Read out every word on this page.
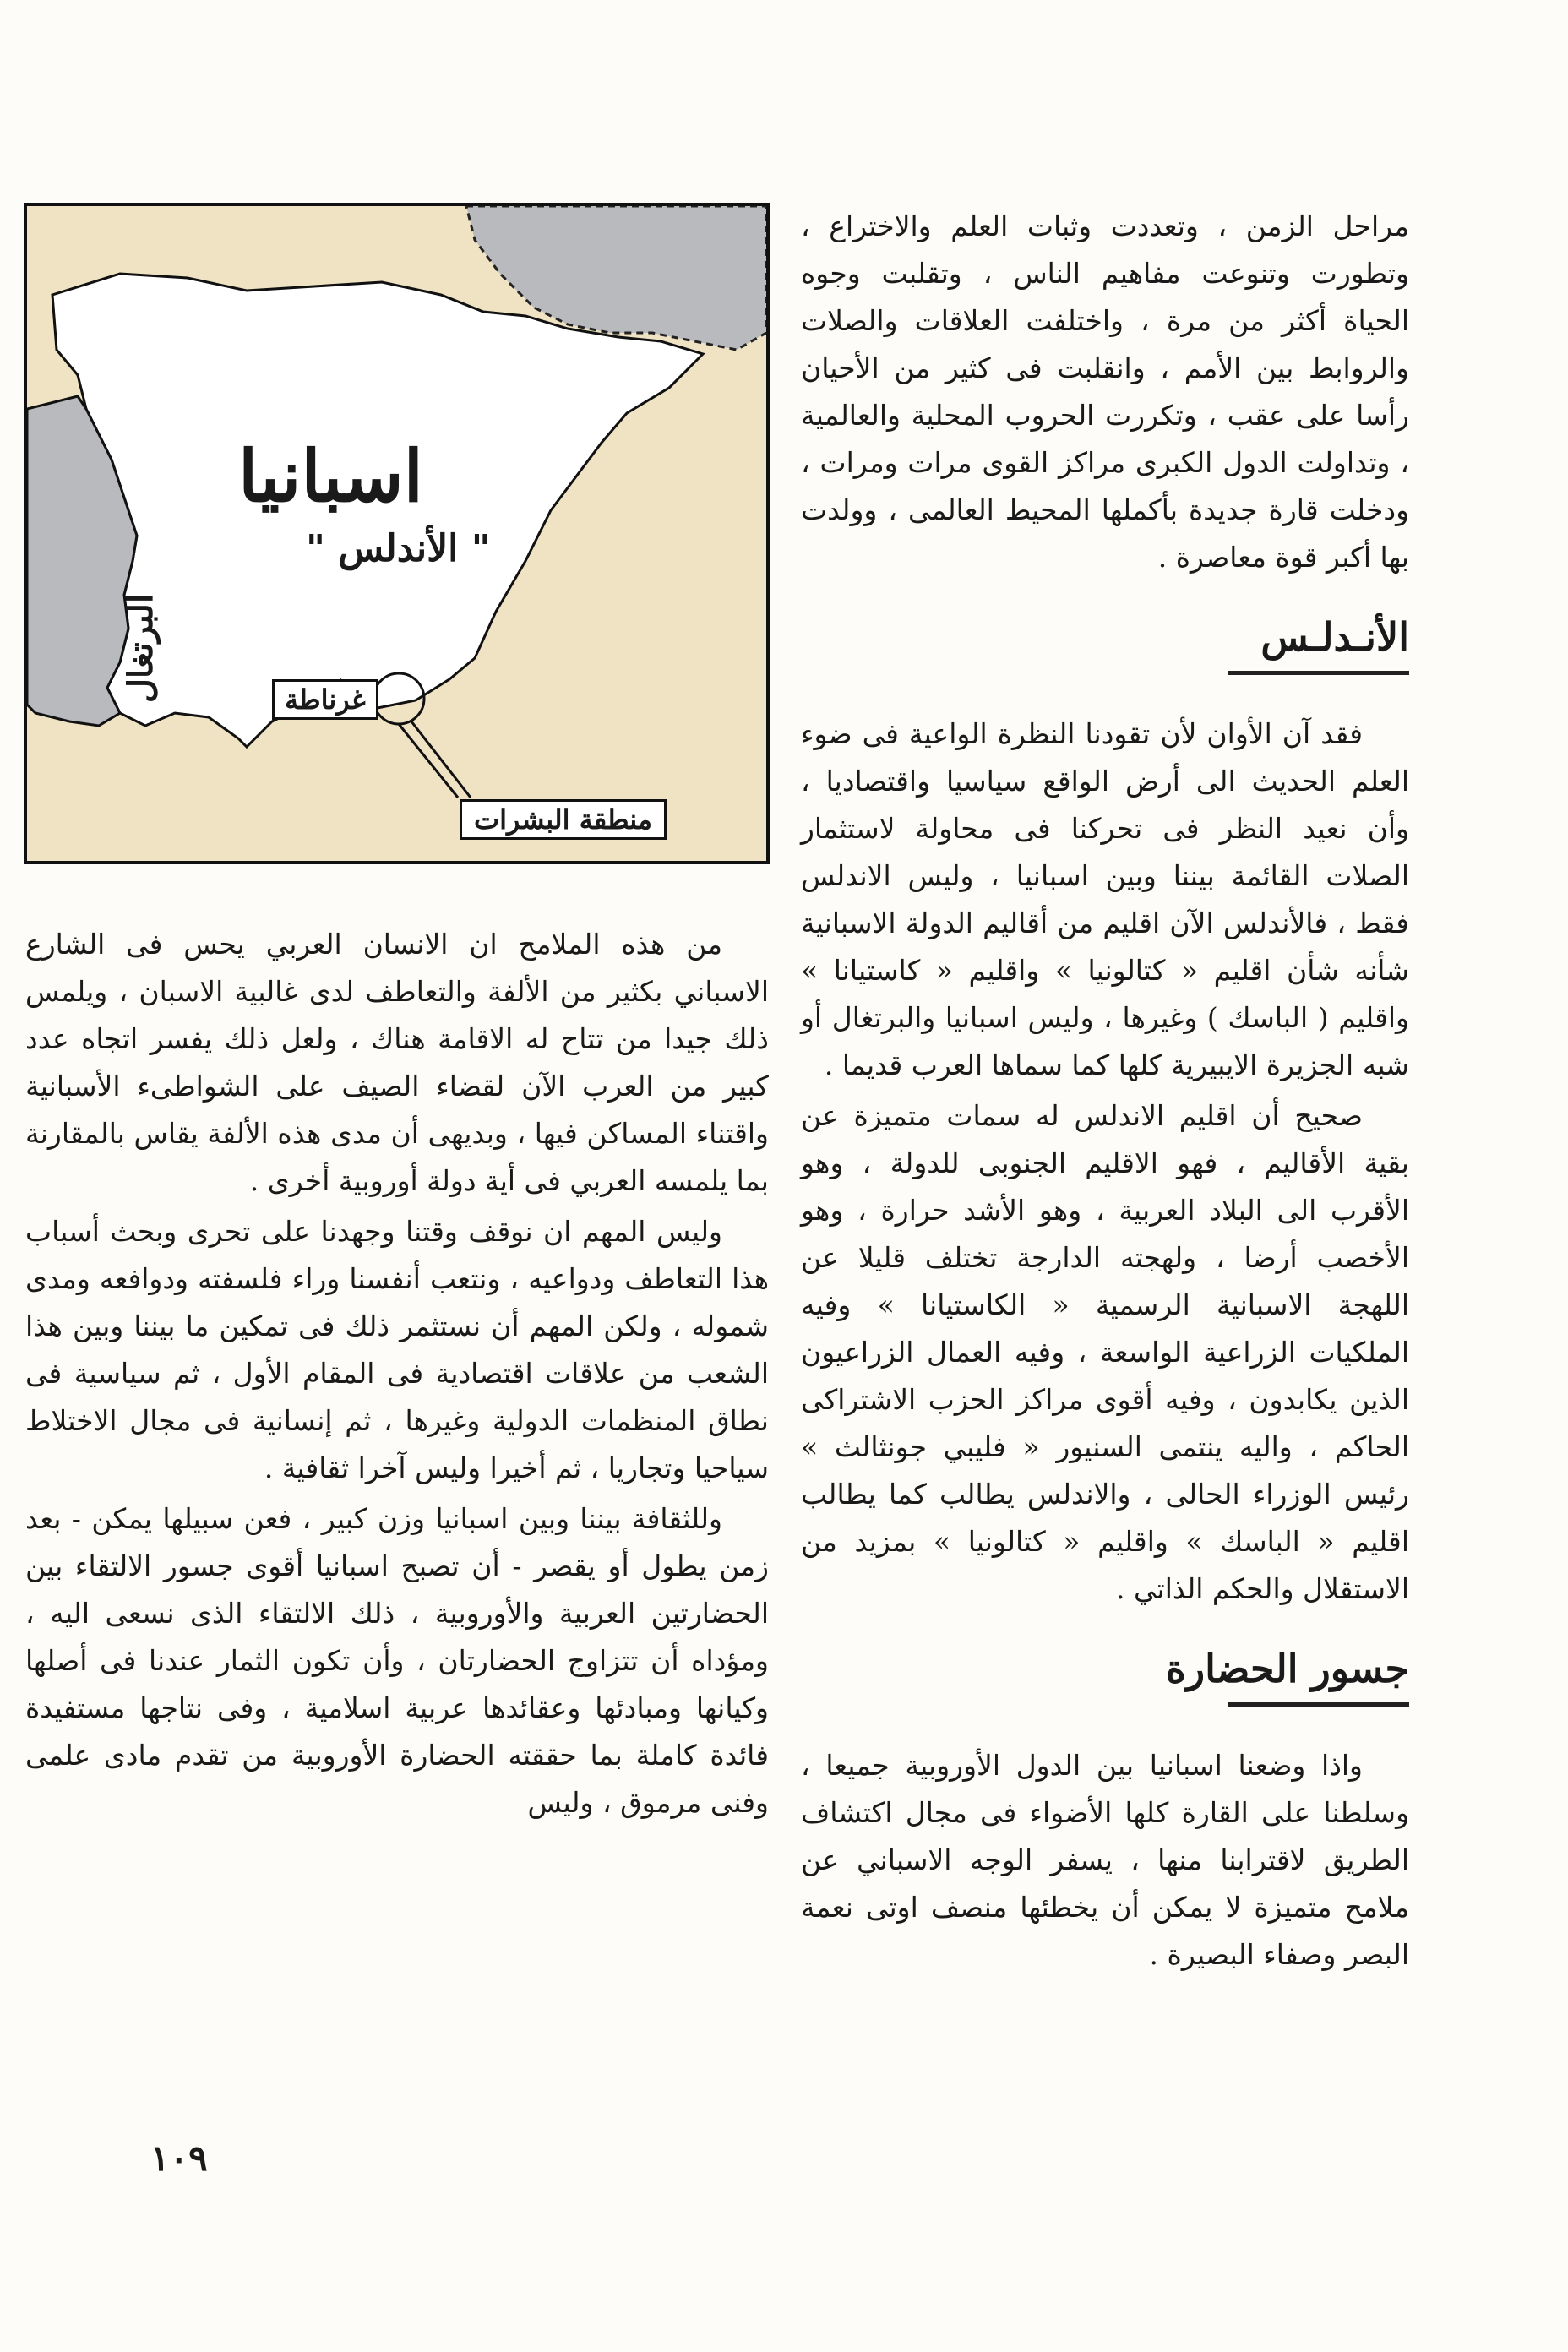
اسبانيا
" الأندلس "
البرتغال	غرناطة
منطقة البشرات

مراحل الزمن ، وتعددت وثبات العلم والاختراع ، وتطورت وتنوعت مفاهيم الناس ، وتقلبت وجوه الحياة أكثر من مرة ، واختلفت العلاقات والصلات والروابط بين الأمم ، وانقلبت فى كثير من الأحيان رأسا على عقب ، وتكررت الحروب المحلية والعالمية ، وتداولت الدول الكبرى مراكز القوى مرات ومرات ، ودخلت قارة جديدة بأكملها المحيط العالمى ، وولدت بها أكبر قوة معاصرة .

الأنـدلـس

فقد آن الأوان لأن تقودنا النظرة الواعية فى ضوء العلم الحديث الى أرض الواقع سياسيا واقتصاديا ، وأن نعيد النظر فى تحركنا فى محاولة لاستثمار الصلات القائمة بيننا وبين اسبانيا ، وليس الاندلس فقط ، فالأندلس الآن اقليم من أقاليم الدولة الاسبانية شأنه شأن اقليم « كتالونيا » واقليم « كاستيانا » واقليم ( الباسك ) وغيرها ، وليس اسبانيا والبرتغال أو شبه الجزيرة الايبيرية كلها كما سماها العرب قديما .

صحيح أن اقليم الاندلس له سمات متميزة عن بقية الأقاليم ، فهو الاقليم الجنوبى للدولة ، وهو الأقرب الى البلاد العربية ، وهو الأشد حرارة ، وهو الأخصب أرضا ، ولهجته الدارجة تختلف قليلا عن اللهجة الاسبانية الرسمية « الكاستيانا » وفيه الملكيات الزراعية الواسعة ، وفيه العمال الزراعيون الذين يكابدون ، وفيه أقوى مراكز الحزب الاشتراكى الحاكم ، واليه ينتمى السنيور « فليبي جونثالث » رئيس الوزراء الحالى ، والاندلس يطالب كما يطالب اقليم « الباسك » واقليم « كتالونيا » بمزيد من الاستقلال والحكم الذاتي .

جسور الحضارة

واذا وضعنا اسبانيا بين الدول الأوروبية جميعا ، وسلطنا على القارة كلها الأضواء فى مجال اكتشاف الطريق لاقترابنا منها ، يسفر الوجه الاسباني عن ملامح متميزة لا يمكن أن يخطئها منصف اوتى نعمة البصر وصفاء البصيرة .

من هذه الملامح ان الانسان العربي يحس فى الشارع الاسباني بكثير من الألفة والتعاطف لدى غالبية الاسبان ، ويلمس ذلك جيدا من تتاح له الاقامة هناك ، ولعل ذلك يفسر اتجاه عدد كبير من العرب الآن لقضاء الصيف على الشواطىء الأسبانية واقتناء المساكن فيها ، وبديهى أن مدى هذه الألفة يقاس بالمقارنة بما يلمسه العربي فى أية دولة أوروبية أخرى .

وليس المهم ان نوقف وقتنا وجهدنا على تحرى وبحث أسباب هذا التعاطف ودواعيه ، ونتعب أنفسنا وراء فلسفته ودوافعه ومدى شموله ، ولكن المهم أن نستثمر ذلك فى تمكين ما بيننا وبين هذا الشعب من علاقات اقتصادية فى المقام الأول ، ثم سياسية فى نطاق المنظمات الدولية وغيرها ، ثم إنسانية فى مجال الاختلاط سياحيا وتجاريا ، ثم أخيرا وليس آخرا ثقافية .

وللثقافة بيننا وبين اسبانيا وزن كبير ، فعن سبيلها يمكن - بعد زمن يطول أو يقصر - أن تصبح اسبانيا أقوى جسور الالتقاء بين الحضارتين العربية والأوروبية ، ذلك الالتقاء الذى نسعى اليه ، ومؤداه أن تتزاوج الحضارتان ، وأن تكون الثمار عندنا فى أصلها وكيانها ومبادئها وعقائدها عربية اسلامية ، وفى نتاجها مستفيدة فائدة كاملة بما حققته الحضارة الأوروبية من تقدم مادى علمى وفنى مرموق ، وليس

١٠٩
